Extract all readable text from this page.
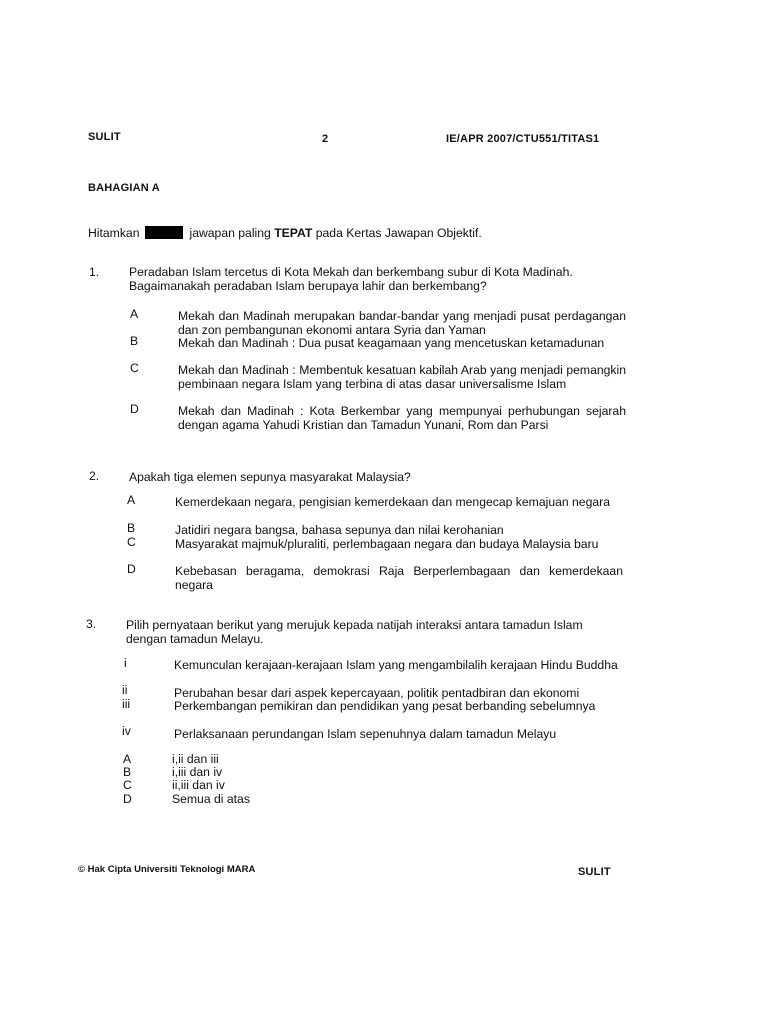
SULIT	2	IE/APR 2007/CTU551/TITAS1
BAHAGIAN A
Hitamkan	jawapan paling TEPAT pada Kertas Jawapan Objektif.
1. Peradaban Islam tercetus di Kota Mekah dan berkembang subur di Kota Madinah.
Bagaimanakah peradaban Islam berupaya lahir dan berkembang?
A	Mekah dan Madinah merupakan bandar-bandar yang menjadi pusat perdagangan dan zon pembangunan ekonomi antara Syria dan Yaman
B	Mekah dan Madinah : Dua pusat keagamaan yang mencetuskan ketamadunan
C	Mekah dan Madinah : Membentuk kesatuan kabilah Arab yang menjadi pemangkin pembinaan negara Islam yang terbina di atas dasar universalisme Islam
D	Mekah dan Madinah : Kota Berkembar yang mempunyai perhubungan sejarah dengan agama Yahudi Kristian dan Tamadun Yunani, Rom dan Parsi
2. Apakah tiga elemen sepunya masyarakat Malaysia?
A	Kemerdekaan negara, pengisian kemerdekaan dan mengecap kemajuan negara
B	Jatidiri negara bangsa, bahasa sepunya dan nilai kerohanian
C	Masyarakat majmuk/pluraliti, perlembagaan negara dan budaya Malaysia baru
D	Kebebasan beragama, demokrasi Raja Berperlembagaan dan kemerdekaan negara
3. Pilih pernyataan berikut yang merujuk kepada natijah interaksi antara tamadun Islam
dengan tamadun Melayu.
i	Kemunculan kerajaan-kerajaan Islam yang mengambilalih kerajaan Hindu Buddha
ii	Perubahan besar dari aspek kepercayaan, politik pentadbiran dan ekonomi
iii	Perkembangan pemikiran dan pendidikan yang pesat berbanding sebelumnya
iv	Perlaksanaan perundangan Islam sepenuhnya dalam tamadun Melayu
A	i,ii dan iii
B	i,iii dan iv
C	ii,iii dan iv
D	Semua di atas
© Hak Cipta Universiti Teknologi MARA	SULIT
